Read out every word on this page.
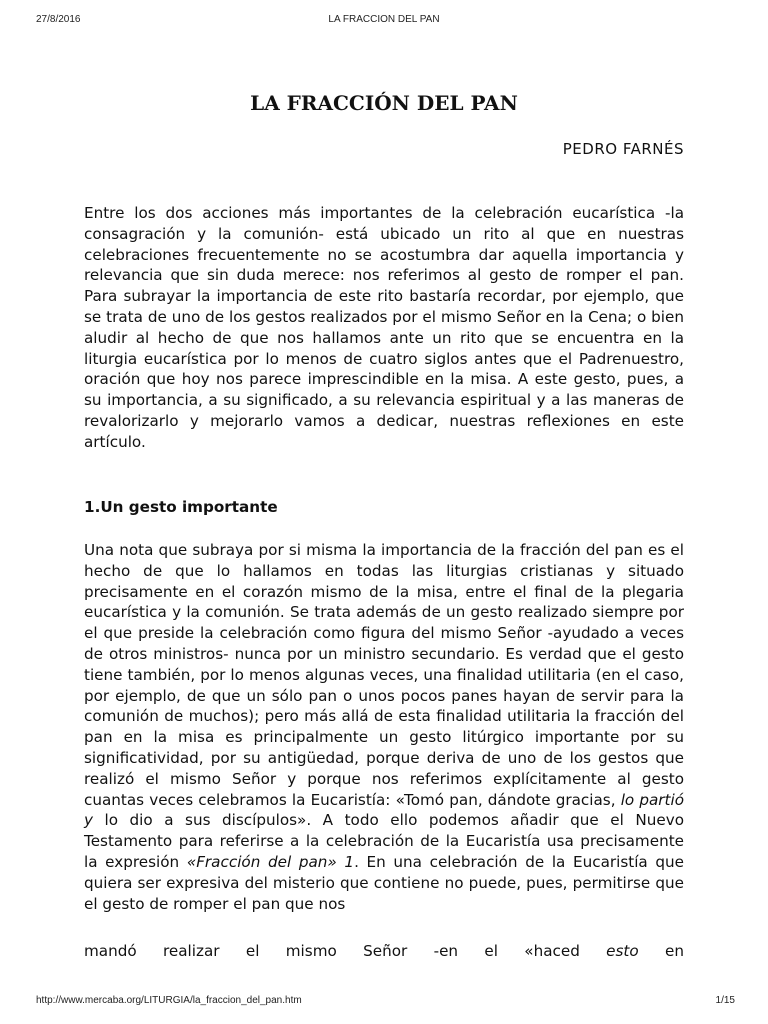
27/8/2016	LA FRACCION DEL PAN
LA FRACCIÓN DEL PAN
PEDRO FARNÉS

Entre los dos acciones más importantes de la celebración eucarística -la consagración y la comunión- está ubicado un rito al que en nuestras celebraciones frecuentemente no se acostumbra dar aquella importancia y relevancia que sin duda merece: nos referimos al gesto de romper el pan. Para subrayar la importancia de este rito bastaría recordar, por ejemplo, que se trata de uno de los gestos realizados por el mismo Señor en la Cena; o bien aludir al hecho de que nos hallamos ante un rito que se encuentra en la liturgia eucarística por lo menos de cuatro siglos antes que el Padrenuestro, oración que hoy nos parece imprescindible en la misa. A este gesto, pues, a su importancia, a su significado, a su relevancia espiritual y a las maneras de revalorizarlo y mejorarlo vamos a dedicar, nuestras reflexiones en este artículo.

1.Un gesto importante

Una nota que subraya por si misma la importancia de la fracción del pan es el hecho de que lo hallamos en todas las liturgias cristianas y situado precisamente en el corazón mismo de la misa, entre el final de la plegaria eucarística y la comunión. Se trata además de un gesto realizado siempre por el que preside la celebración como figura del mismo Señor -ayudado a veces de otros ministros- nunca por un ministro secundario. Es verdad que el gesto tiene también, por lo menos algunas veces, una finalidad utilitaria (en el caso, por ejemplo, de que un sólo pan o unos pocos panes hayan de servir para la comunión de muchos); pero más allá de esta finalidad utilitaria la fracción del pan en la misa es principalmente un gesto litúrgico importante por su significatividad, por su antigüedad, porque deriva de uno de los gestos que realizó el mismo Señor y porque nos referimos explícitamente al gesto cuantas veces celebramos la Eucaristía: «Tomó pan, dándote gracias, lo partió y lo dio a sus discípulos». A todo ello podemos añadir que el Nuevo Testamento para referirse a la celebración de la Eucaristía usa precisamente la expresión «Fracción del pan» 1. En una celebración de la Eucaristía que quiera ser expresiva del misterio que contiene no puede, pues, permitirse que el gesto de romper el pan que nos

mandó realizar el mismo Señor -en el «haced esto en
http://www.mercaba.org/LITURGIA/la_fraccion_del_pan.htm	1/15
